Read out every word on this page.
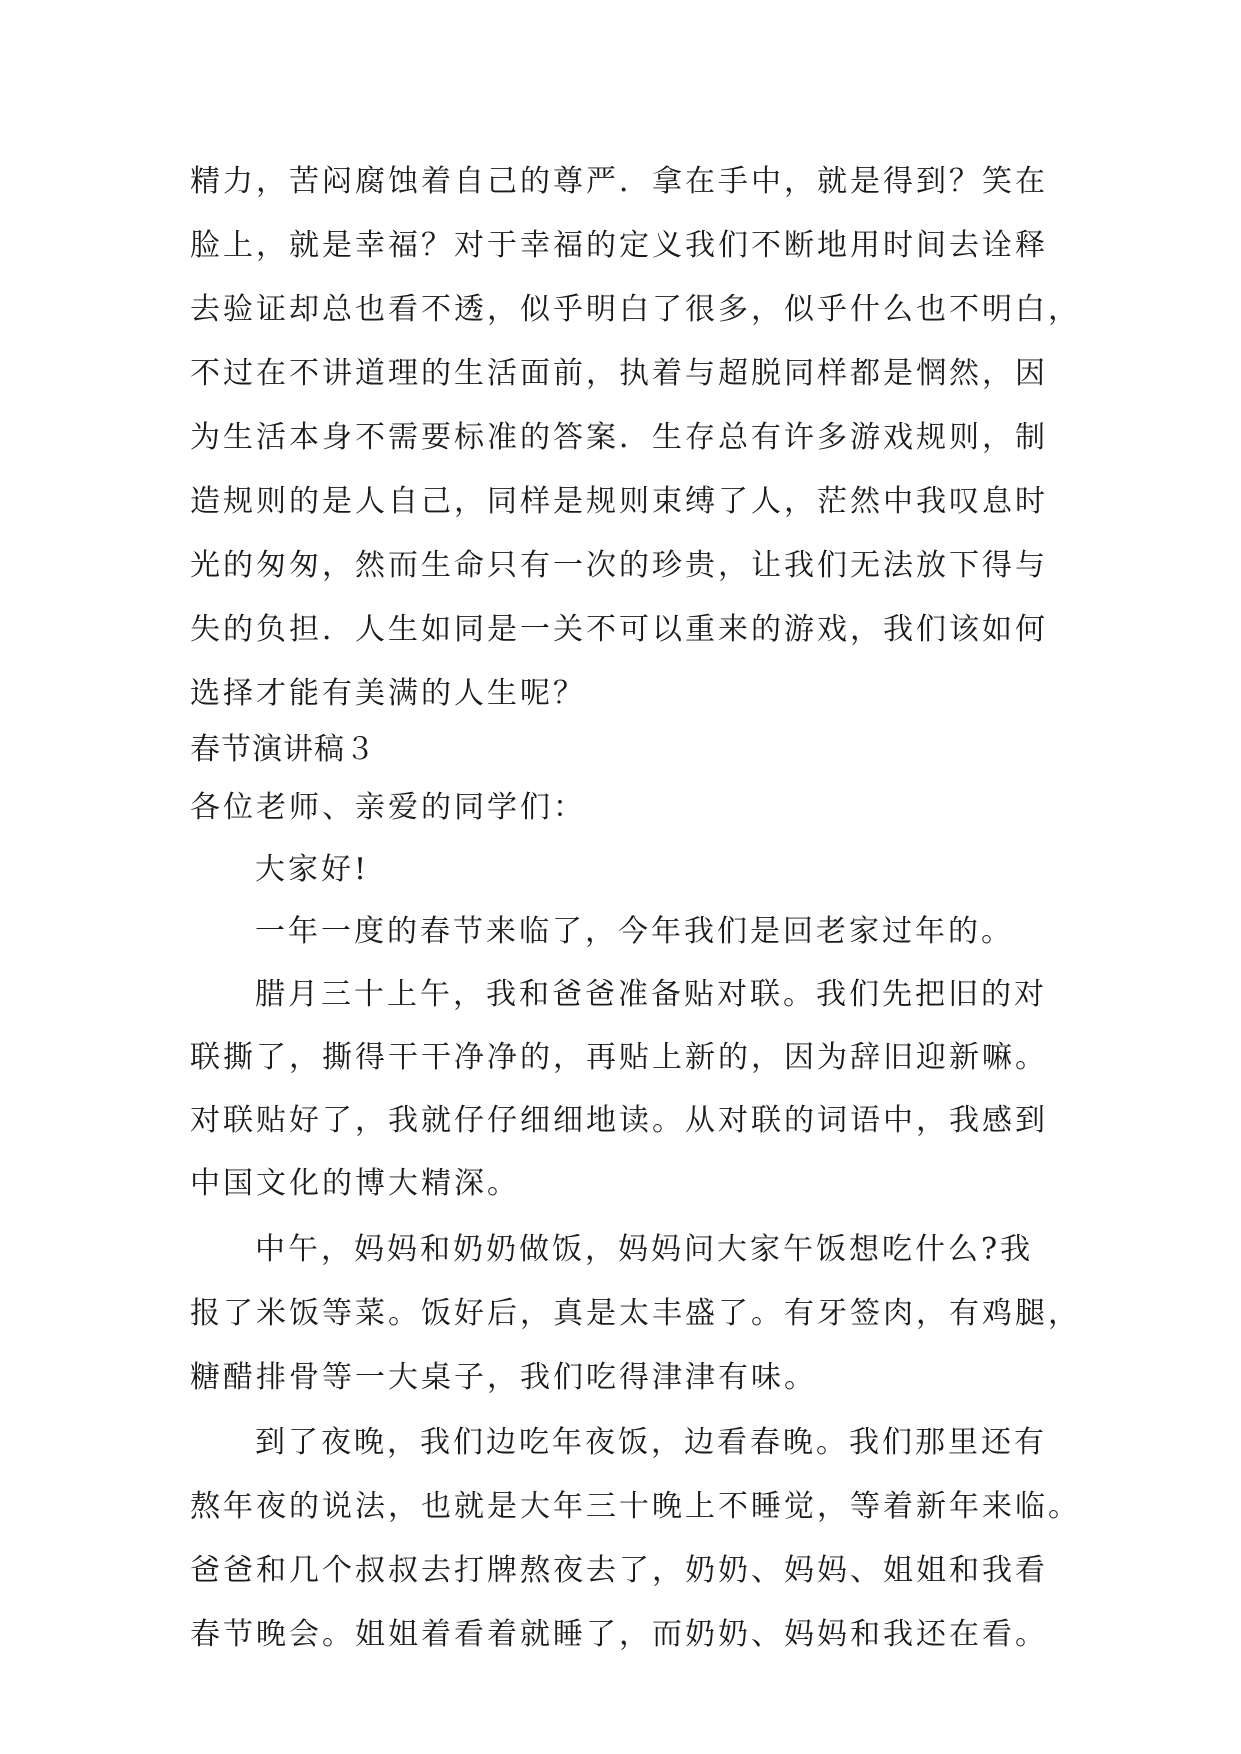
精力，苦闷腐蚀着自己的尊严．拿在手中，就是得到？笑在
脸上，就是幸福？对于幸福的定义我们不断地用时间去诠释
去验证却总也看不透，似乎明白了很多，似乎什么也不明白，
不过在不讲道理的生活面前，执着与超脱同样都是惘然，因
为生活本身不需要标准的答案．生存总有许多游戏规则，制
造规则的是人自己，同样是规则束缚了人，茫然中我叹息时
光的匆匆，然而生命只有一次的珍贵，让我们无法放下得与
失的负担．人生如同是一关不可以重来的游戏，我们该如何
选择才能有美满的人生呢？
春节演讲稿３
各位老师、亲爱的同学们：
大家好!
一年一度的春节来临了，今年我们是回老家过年的。
腊月三十上午，我和爸爸准备贴对联。我们先把旧的对
联撕了，撕得干干净净的，再贴上新的，因为辞旧迎新嘛。
对联贴好了，我就仔仔细细地读。从对联的词语中，我感到
中国文化的博大精深。
中午，妈妈和奶奶做饭，妈妈问大家午饭想吃什么?我
报了米饭等菜。饭好后，真是太丰盛了。有牙签肉，有鸡腿，
糖醋排骨等一大桌子，我们吃得津津有味。
到了夜晚，我们边吃年夜饭，边看春晚。我们那里还有
熬年夜的说法，也就是大年三十晚上不睡觉，等着新年来临。
爸爸和几个叔叔去打牌熬夜去了，奶奶、妈妈、姐姐和我看
春节晚会。姐姐着看着就睡了，而奶奶、妈妈和我还在看。
